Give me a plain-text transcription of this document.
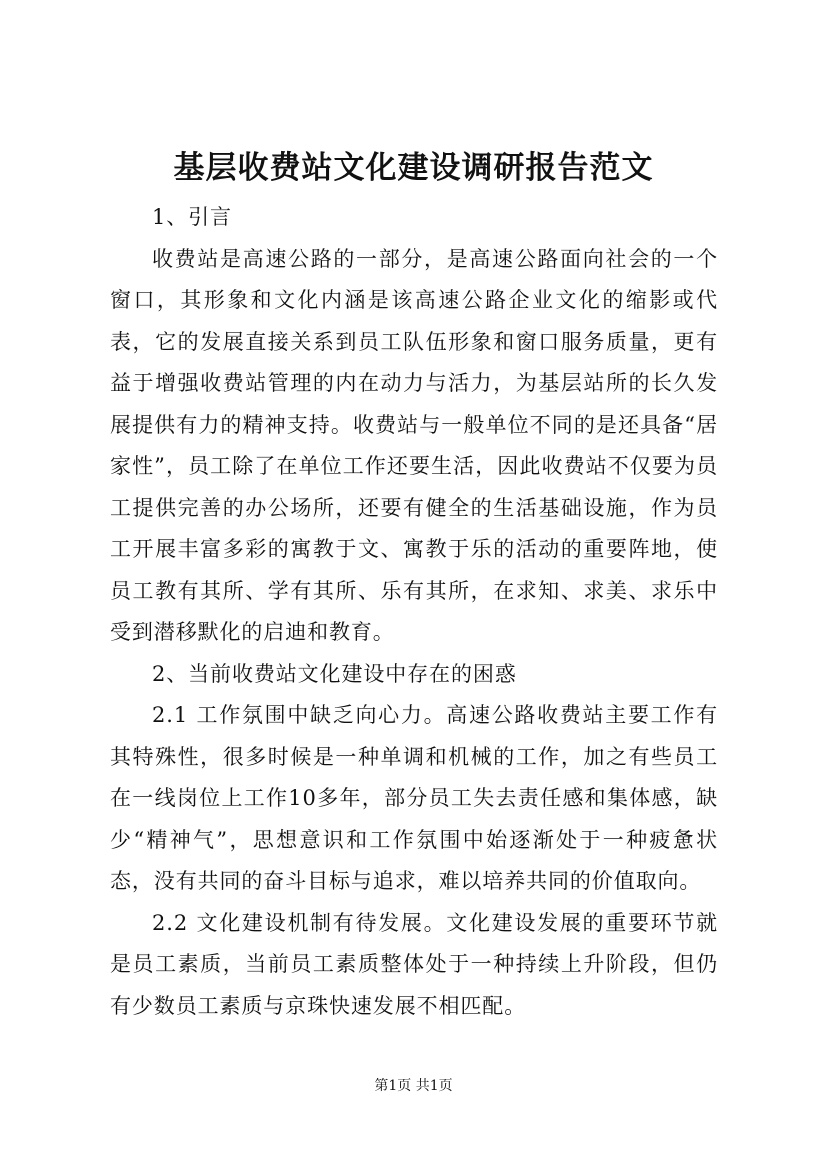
基层收费站文化建设调研报告范文

1、引言

收费站是高速公路的一部分，是高速公路面向社会的一个窗口，其形象和文化内涵是该高速公路企业文化的缩影或代表，它的发展直接关系到员工队伍形象和窗口服务质量，更有益于增强收费站管理的内在动力与活力，为基层站所的长久发展提供有力的精神支持。收费站与一般单位不同的是还具备“居家性”，员工除了在单位工作还要生活，因此收费站不仅要为员工提供完善的办公场所，还要有健全的生活基础设施，作为员工开展丰富多彩的寓教于文、寓教于乐的活动的重要阵地，使员工教有其所、学有其所、乐有其所，在求知、求美、求乐中受到潜移默化的启迪和教育。

2、当前收费站文化建设中存在的困惑

2.1 工作氛围中缺乏向心力。高速公路收费站主要工作有其特殊性，很多时候是一种单调和机械的工作，加之有些员工在一线岗位上工作10多年，部分员工失去责任感和集体感，缺少“精神气”，思想意识和工作氛围中始逐渐处于一种疲惫状态，没有共同的奋斗目标与追求，难以培养共同的价值取向。

2.2 文化建设机制有待发展。文化建设发展的重要环节就是员工素质，当前员工素质整体处于一种持续上升阶段，但仍有少数员工素质与京珠快速发展不相匹配。

第1页 共1页
